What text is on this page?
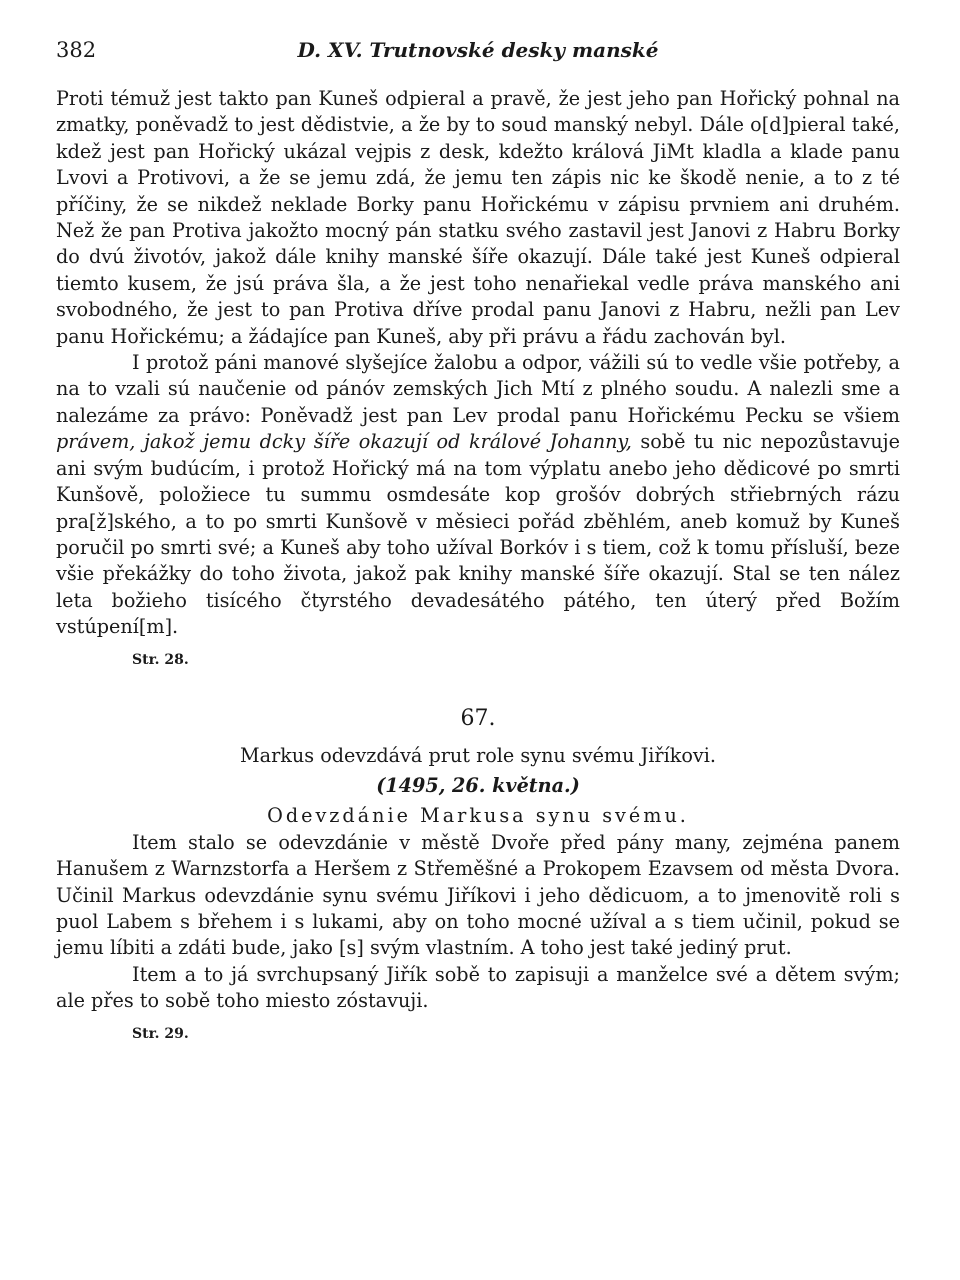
382	D. XV. Trutnovské desky manské

Proti témuž jest takto pan Kuneš odpieral a pravě, že jest jeho pan Hořický pohnal na zmatky, poněvadž to jest dědistvie, a že by to soud manský nebyl. Dále o[d]pieral také, kdež jest pan Hořický ukázal vejpis z desk, kdežto králová JiMt kladla a klade panu Lvovi a Protivovi, a že se jemu zdá, že jemu ten zápis nic ke škodě nenie, a to z té příčiny, že se nikdež neklade Borky panu Hořickému v zápisu prvniem ani druhém. Než že pan Protiva jakožto mocný pán statku svého zastavil jest Janovi z Habru Borky do dvú životóv, jakož dále knihy manské šíře okazují. Dále také jest Kuneš odpieral tiemto kusem, že jsú práva šla, a že jest toho nenařiekal vedle práva manského ani svobodného, že jest to pan Protiva dříve prodal panu Janovi z Habru, nežli pan Lev panu Hořickému; a žádajíce pan Kuneš, aby při právu a řádu zachován byl.

I protož páni manové slyšejíce žalobu a odpor, vážili sú to vedle všie potřeby, a na to vzali sú naučenie od pánóv zemských Jich Mtí z plného soudu. A nalezli sme a nalezáme za právo: Poněvadž jest pan Lev prodal panu Hořickému Pecku se všiem právem, jakož jemu dcky šíře okazují od králové Johanny, sobě tu nic nepozůstavuje ani svým budúcím, i protož Hořický má na tom výplatu anebo jeho dědicové po smrti Kunšově, položiece tu summu osmdesáte kop grošóv dobrých střiebrných rázu pra[ž]ského, a to po smrti Kunšově v měsieci pořád zběhlém, aneb komuž by Kuneš poručil po smrti své; a Kuneš aby toho užíval Borkóv i s tiem, což k tomu přísluší, beze všie překážky do toho života, jakož pak knihy manské šíře okazují. Stal se ten nález leta božieho tisícého čtyrstého devadesátého pátého, ten úterý před Božím vstúpení[m].

Str. 28.
67.
Markus odevzdává prut role synu svému Jiříkovi.
(1495, 26. května.)
Odevzdánie Markusa synu svému.

Item stalo se odevzdánie v městě Dvoře před pány many, zejména panem Hanušem z Warnzstorfa a Heršem z Střeměšné a Prokopem Ezavsem od města Dvora. Učinil Markus odevzdánie synu svému Jiříkovi i jeho dědicuom, a to jmenovitě roli s puol Labem s břehem i s lukami, aby on toho mocné užíval a s tiem učinil, pokud se jemu líbiti a zdáti bude, jako [s] svým vlastním. A toho jest také jediný prut.

Item a to já svrchupsaný Jiřík sobě to zapisuji a manželce své a dětem svým; ale přes to sobě toho miesto zóstavuji.

Str. 29.
